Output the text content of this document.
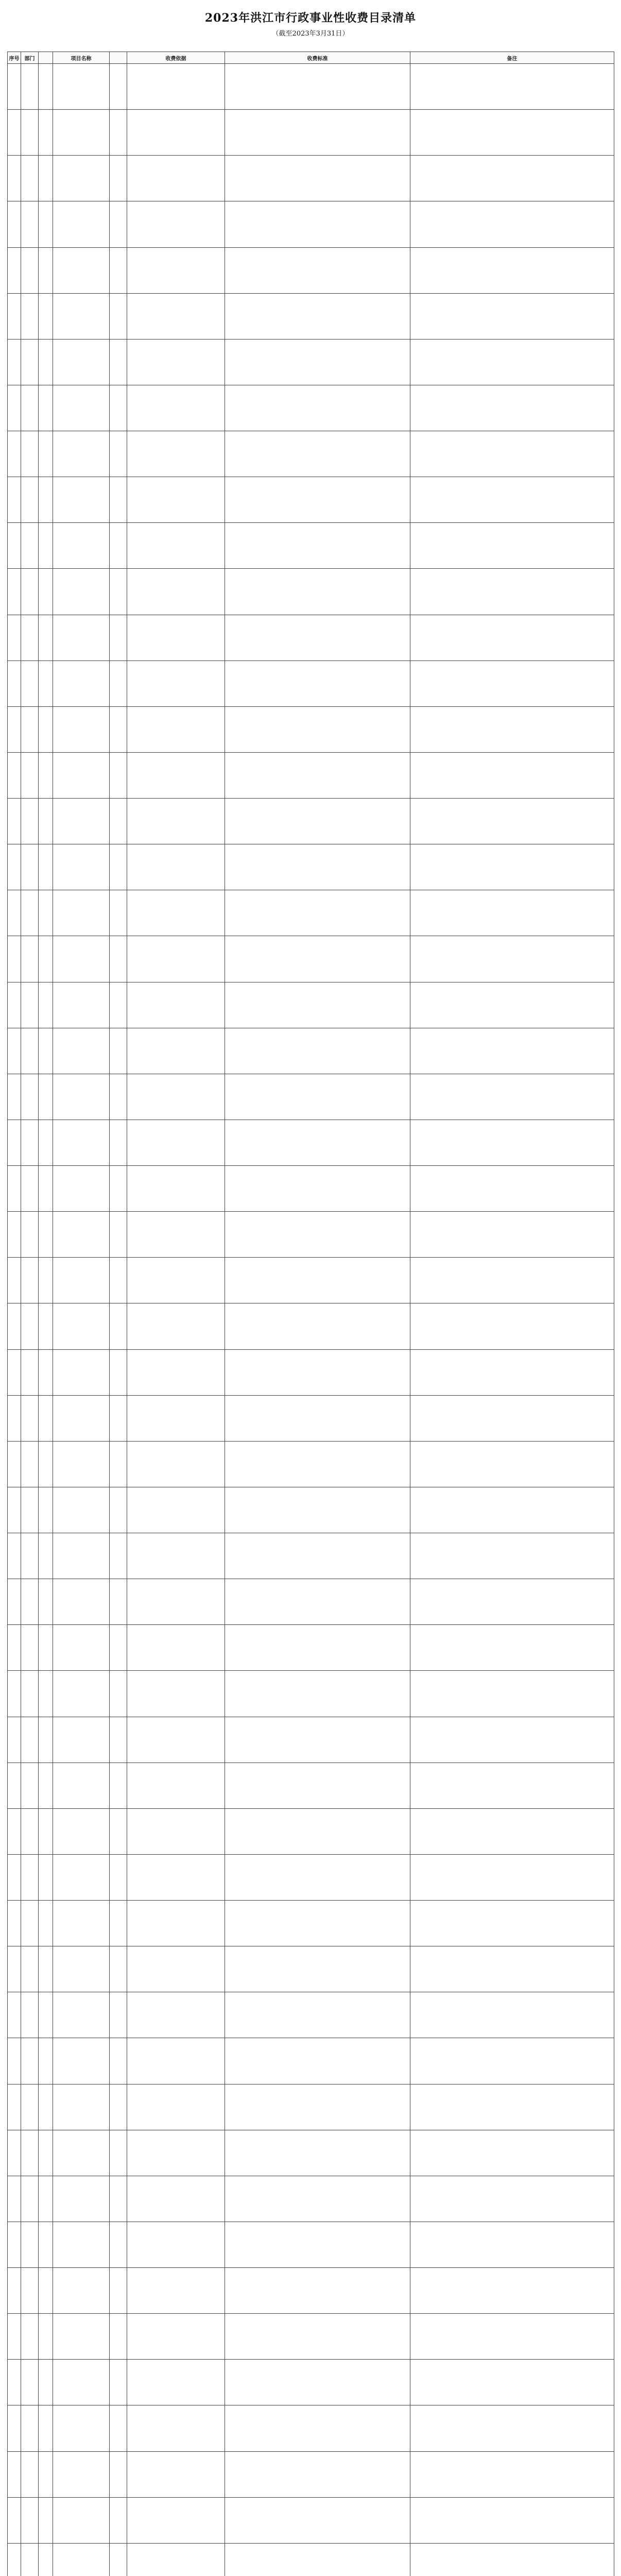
2023年洪江市行政事业性收费目录清单
（截至2023年3月31日）
序号	部门		项目名称		收费依据	收费标准	备注
